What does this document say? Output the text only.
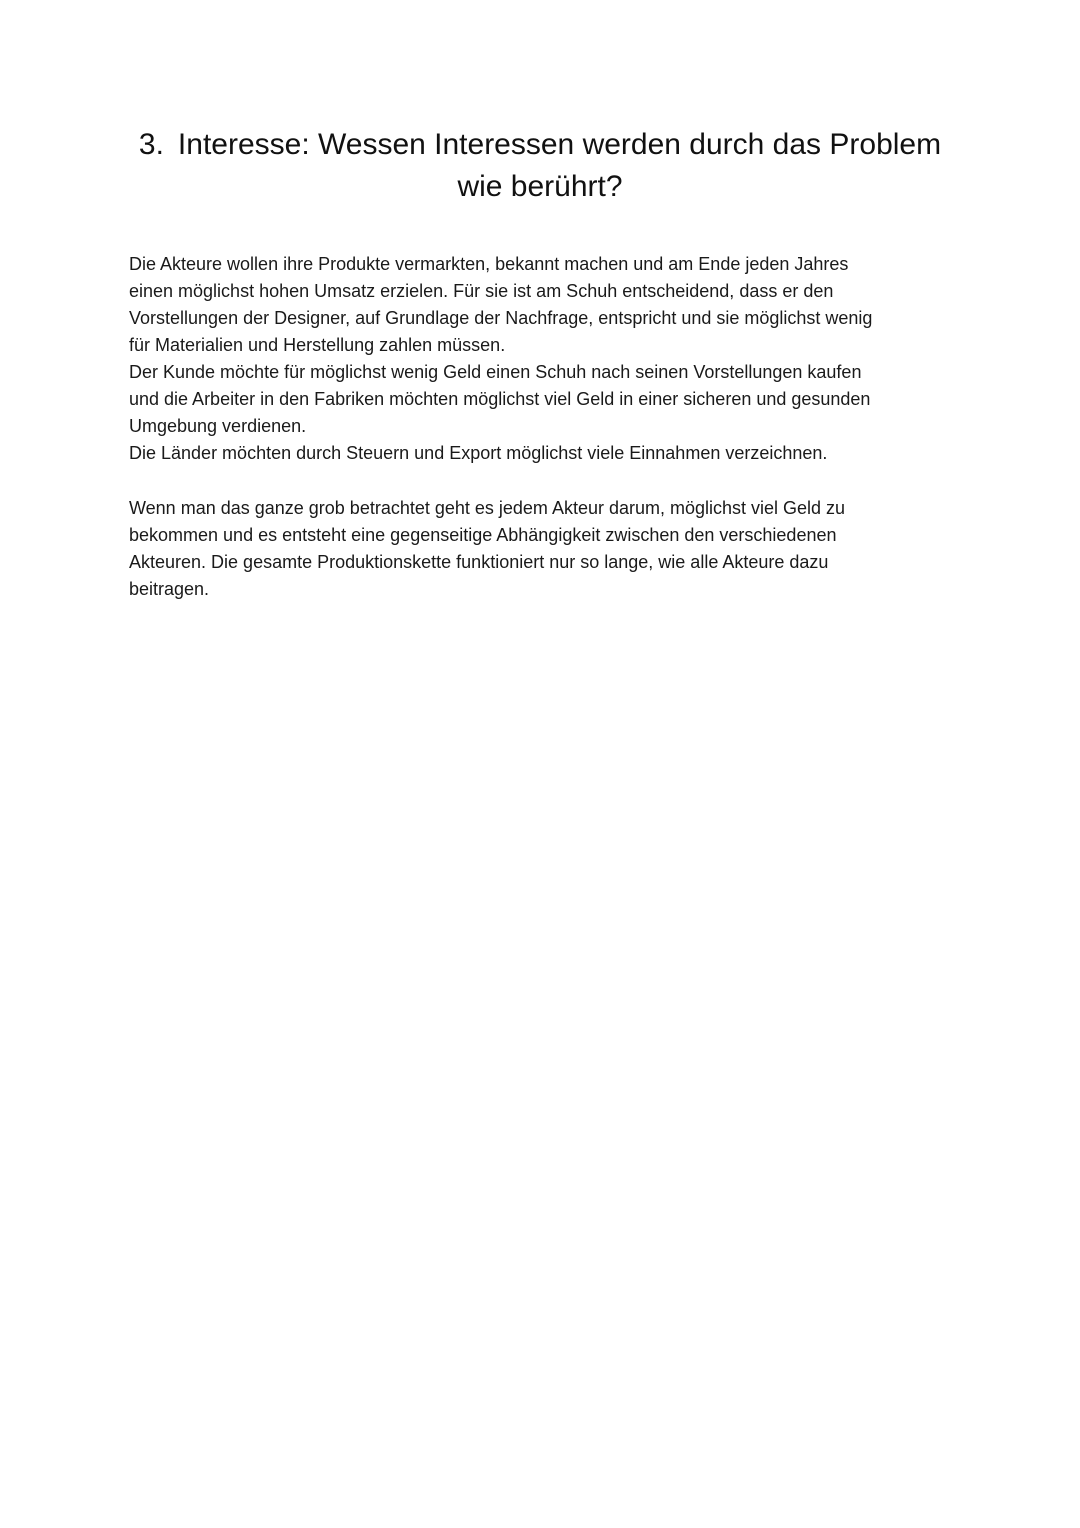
3. Interesse: Wessen Interessen werden durch das Problem
wie berührt?

Die Akteure wollen ihre Produkte vermarkten, bekannt machen und am Ende jeden Jahres
einen möglichst hohen Umsatz erzielen. Für sie ist am Schuh entscheidend, dass er den
Vorstellungen der Designer, auf Grundlage der Nachfrage, entspricht und sie möglichst wenig
für Materialien und Herstellung zahlen müssen.
Der Kunde möchte für möglichst wenig Geld einen Schuh nach seinen Vorstellungen kaufen
und die Arbeiter in den Fabriken möchten möglichst viel Geld in einer sicheren und gesunden
Umgebung verdienen.
Die Länder möchten durch Steuern und Export möglichst viele Einnahmen verzeichnen.

Wenn man das ganze grob betrachtet geht es jedem Akteur darum, möglichst viel Geld zu
bekommen und es entsteht eine gegenseitige Abhängigkeit zwischen den verschiedenen
Akteuren. Die gesamte Produktionskette funktioniert nur so lange, wie alle Akteure dazu
beitragen.
